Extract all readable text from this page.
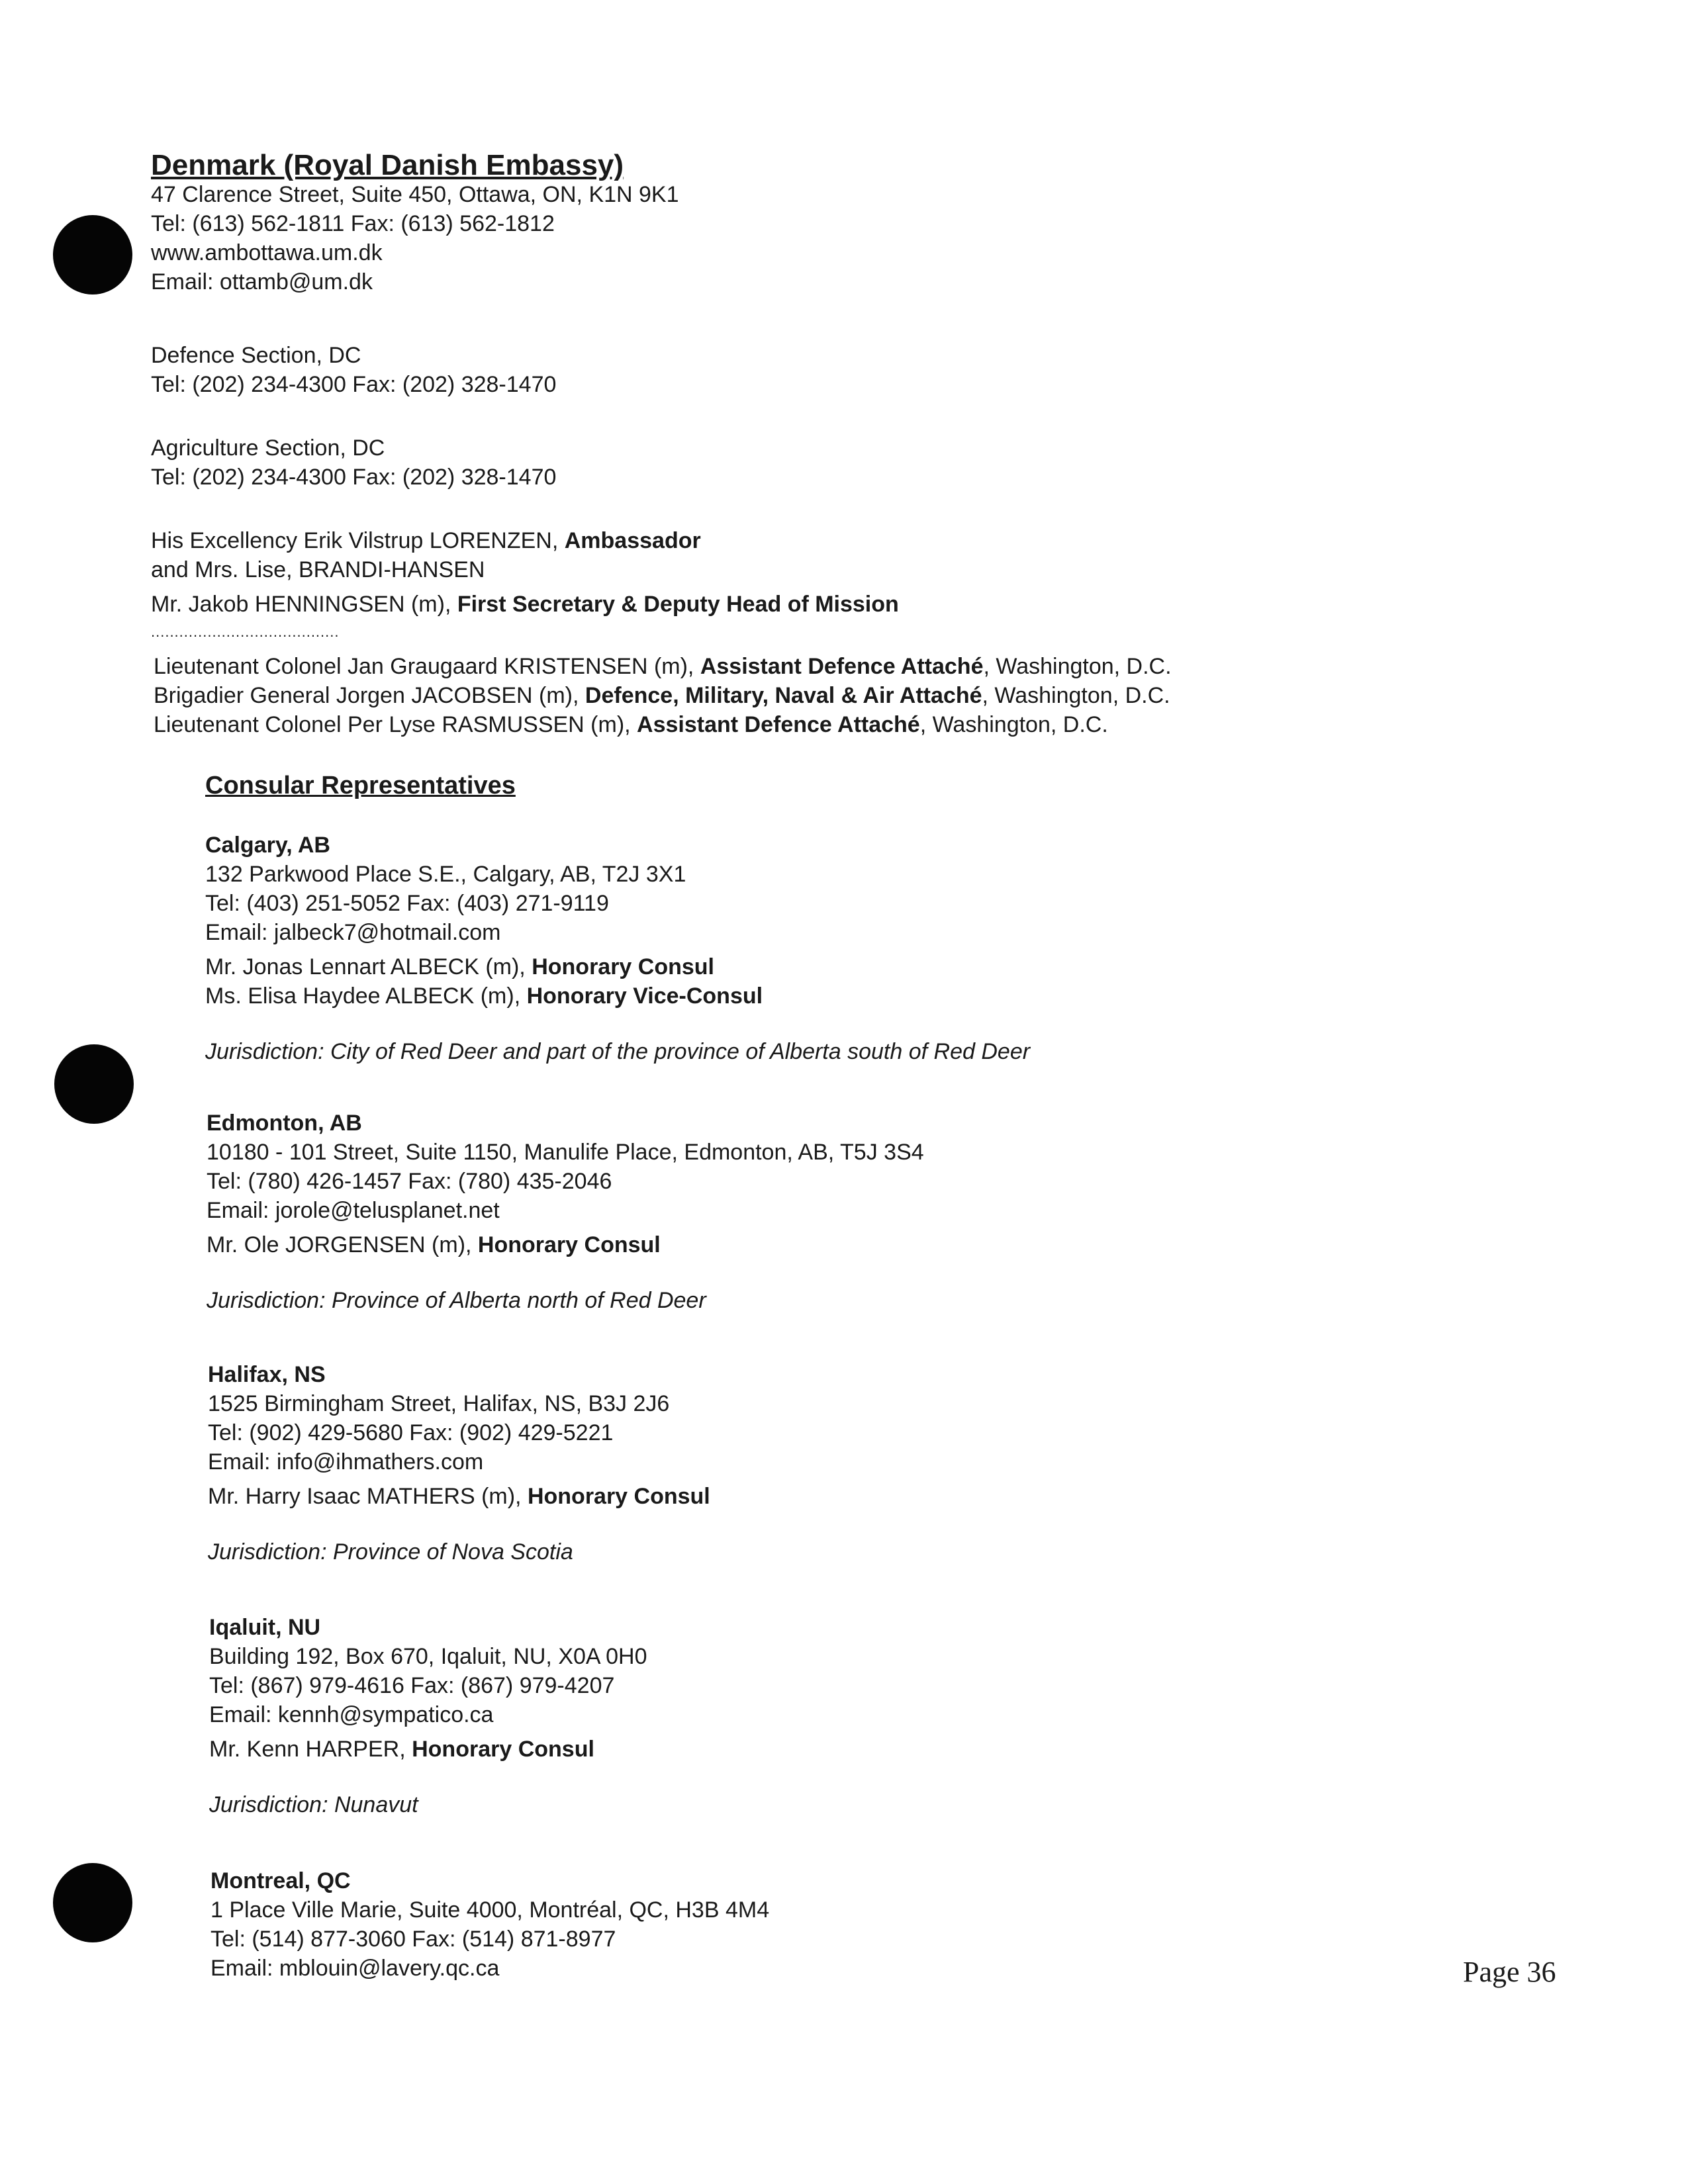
Denmark (Royal Danish Embassy)
47 Clarence Street, Suite 450, Ottawa, ON, K1N 9K1
Tel: (613) 562-1811 Fax: (613) 562-1812
www.ambottawa.um.dk
Email: ottamb@um.dk
Defence Section, DC
Tel: (202) 234-4300 Fax: (202) 328-1470
Agriculture Section, DC
Tel: (202) 234-4300 Fax: (202) 328-1470
His Excellency Erik Vilstrup LORENZEN, Ambassador
and Mrs. Lise, BRANDI-HANSEN
Mr. Jakob HENNINGSEN (m), First Secretary & Deputy Head of Mission
........................................
Lieutenant Colonel Jan Graugaard KRISTENSEN (m), Assistant Defence Attaché, Washington, D.C.
Brigadier General Jorgen JACOBSEN (m), Defence, Military, Naval & Air Attaché, Washington, D.C.
Lieutenant Colonel Per Lyse RASMUSSEN (m), Assistant Defence Attaché, Washington, D.C.
Consular Representatives
Calgary, AB
132 Parkwood Place S.E., Calgary, AB, T2J 3X1
Tel: (403) 251-5052 Fax: (403) 271-9119
Email: jalbeck7@hotmail.com
Mr. Jonas Lennart ALBECK (m), Honorary Consul
Ms. Elisa Haydee ALBECK (m), Honorary Vice-Consul
Jurisdiction: City of Red Deer and part of the province of Alberta south of Red Deer
Edmonton, AB
10180 - 101 Street, Suite 1150, Manulife Place, Edmonton, AB, T5J 3S4
Tel: (780) 426-1457 Fax: (780) 435-2046
Email: jorole@telusplanet.net
Mr. Ole JORGENSEN (m), Honorary Consul
Jurisdiction: Province of Alberta north of Red Deer
Halifax, NS
1525 Birmingham Street, Halifax, NS, B3J 2J6
Tel: (902) 429-5680 Fax: (902) 429-5221
Email: info@ihmathers.com
Mr. Harry Isaac MATHERS (m), Honorary Consul
Jurisdiction: Province of Nova Scotia
Iqaluit, NU
Building 192, Box 670, Iqaluit, NU, X0A 0H0
Tel: (867) 979-4616 Fax: (867) 979-4207
Email: kennh@sympatico.ca
Mr. Kenn HARPER, Honorary Consul
Jurisdiction: Nunavut
Montreal, QC
1 Place Ville Marie, Suite 4000, Montréal, QC, H3B 4M4
Tel: (514) 877-3060 Fax: (514) 871-8977
Email: mblouin@lavery.qc.ca	Page 36
